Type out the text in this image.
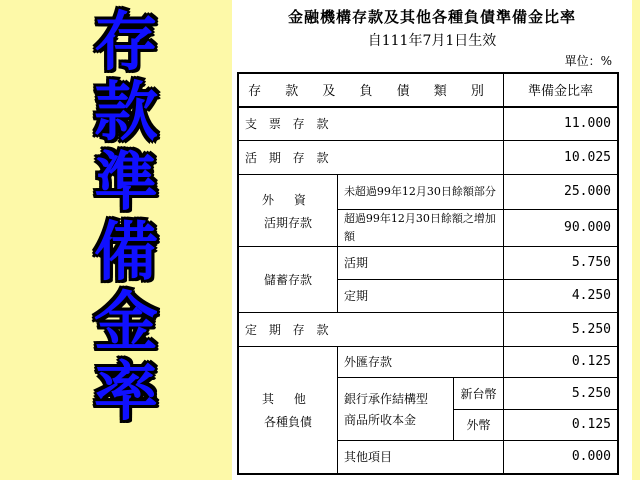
存
款
準
備
金
率
金融機構存款及其他各種負債準備金比率
自111年7月1日生效
單位：%
存 款 及 負 債 類 別			準備金比率
支 票 存 款			11.000
活 期 存 款			10.025

外 資
活期存款	未超過99年12月30日餘額部分		25.000
	超過99年12月30日餘額之增加額		90.000
儲蓄存款	活期		5.750
	定期		4.250
定 期 存 款			5.250

其 他
各種負債	外匯存款		0.125

	銀行承作結構型
商品所收本金	新台幣	5.250
		外幣	0.125
	其他項目		0.000
